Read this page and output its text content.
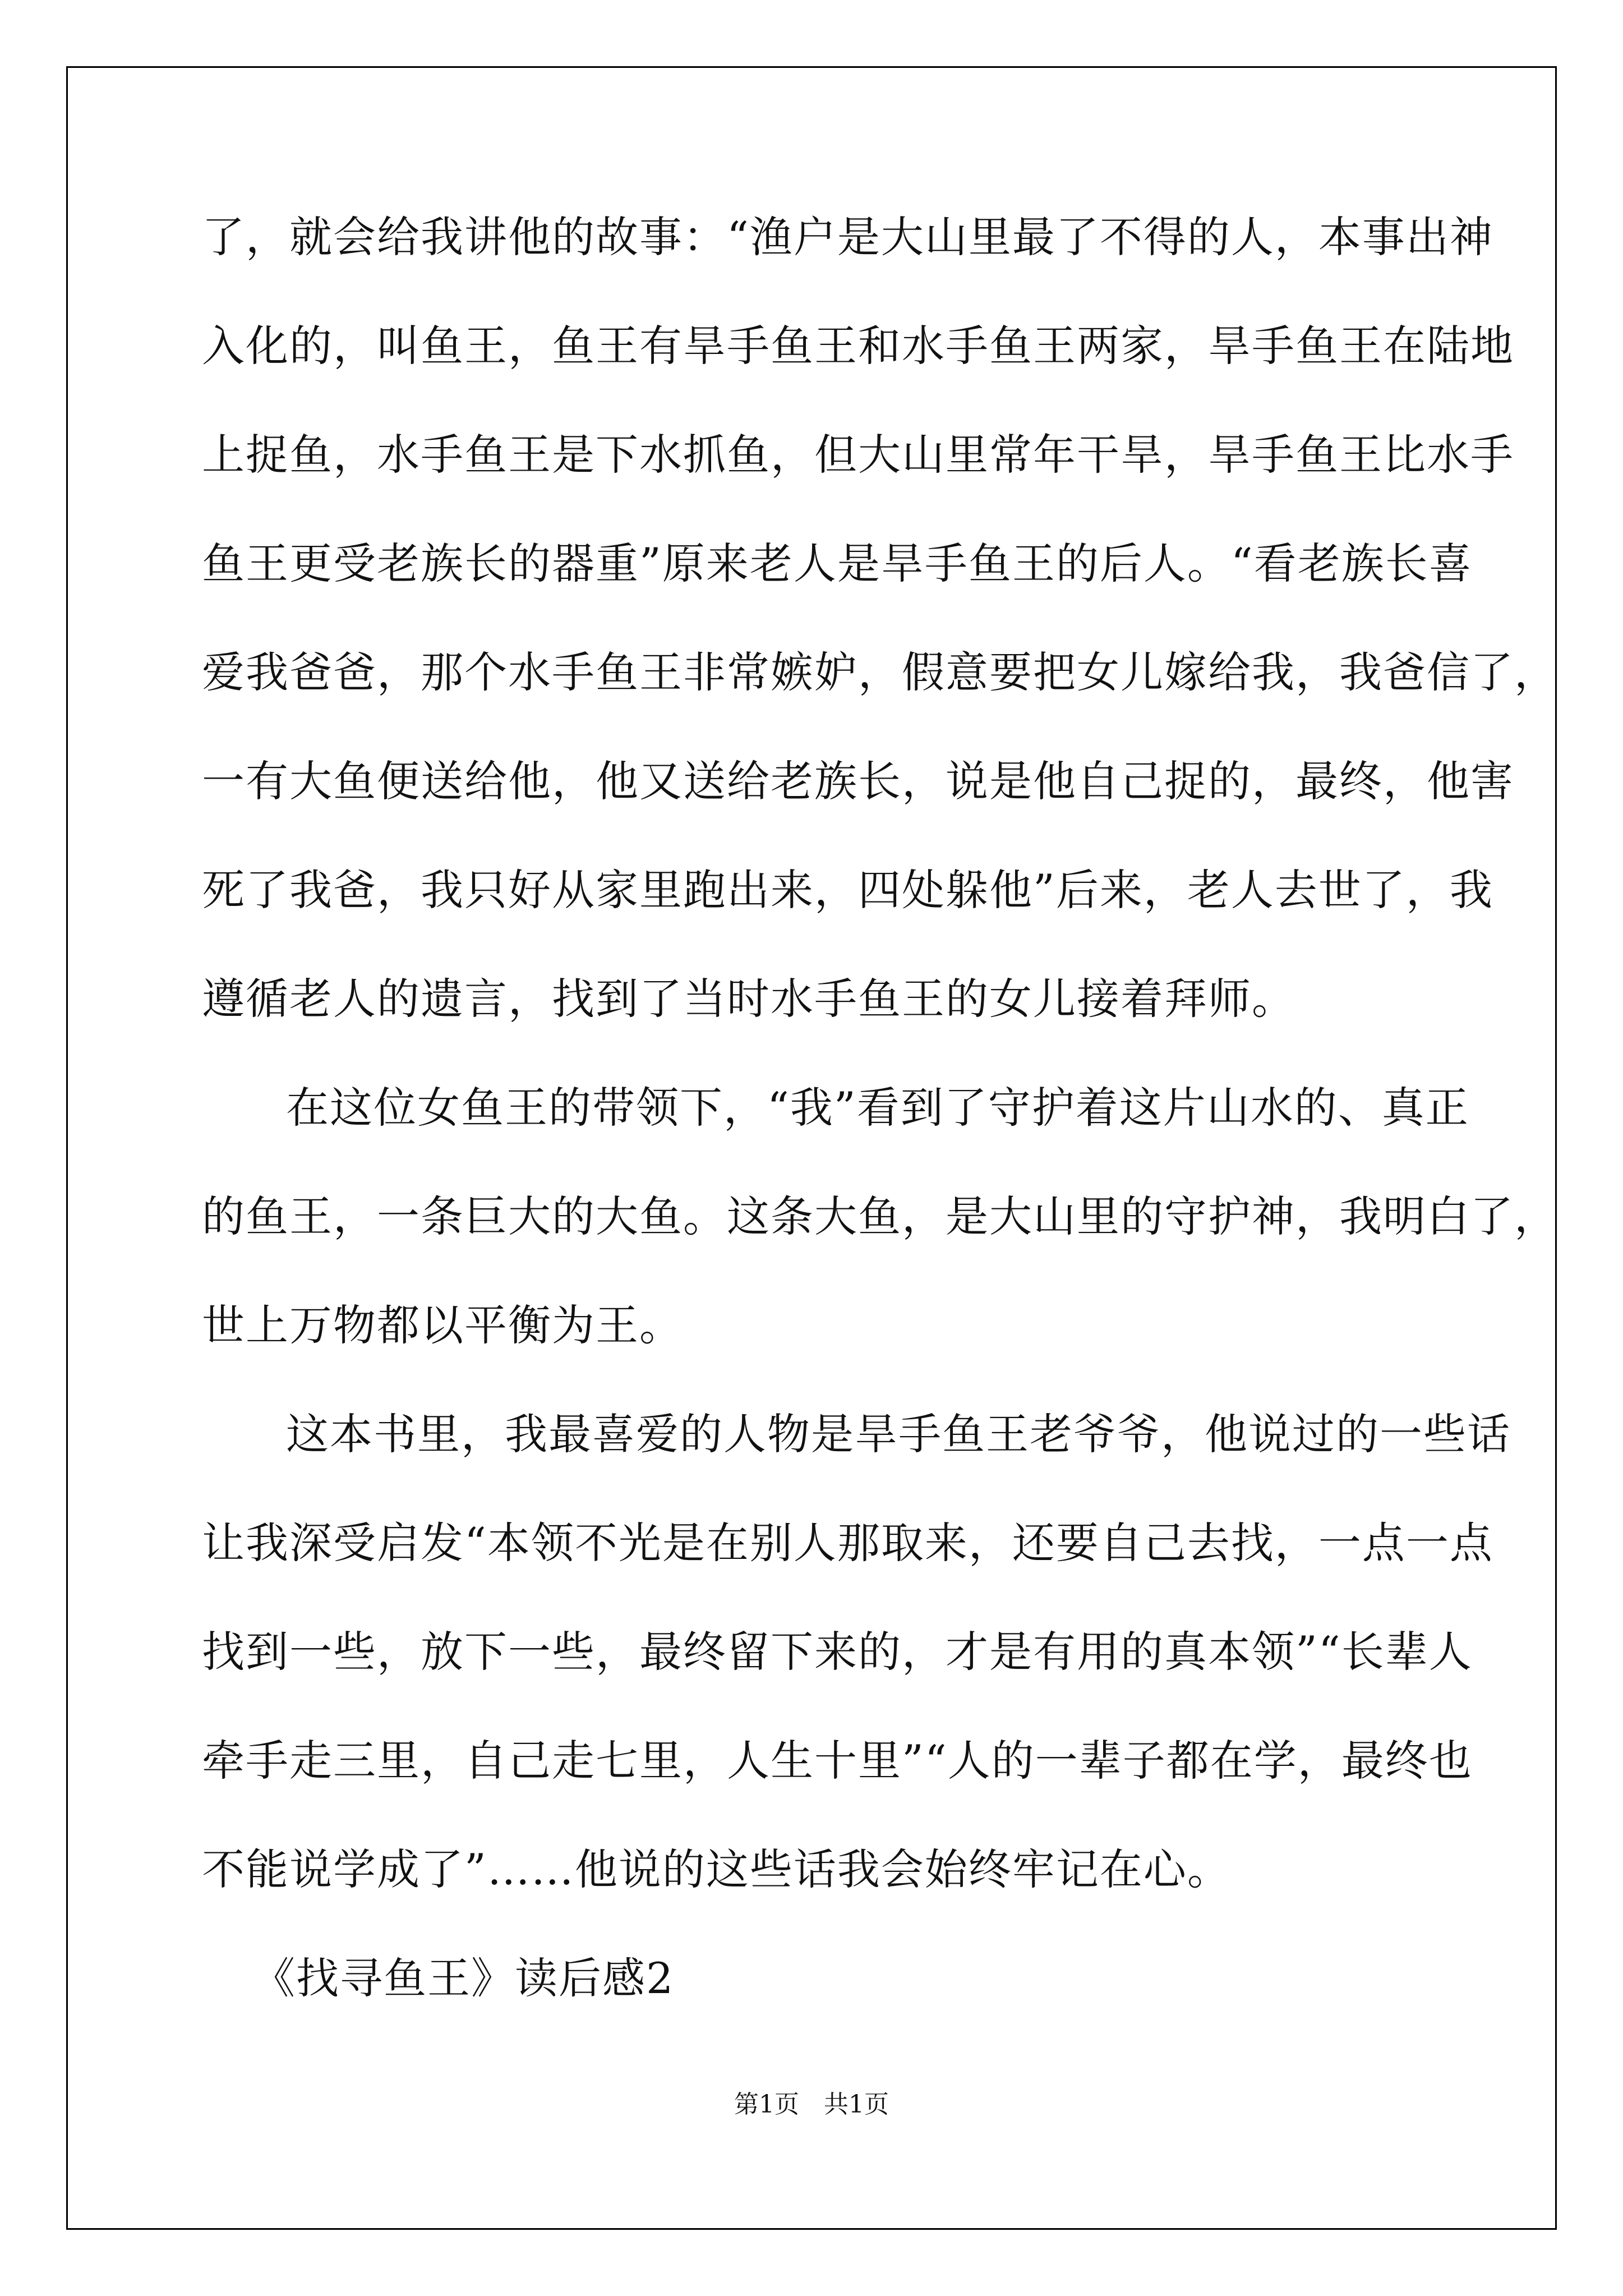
了，就会给我讲他的故事：“渔户是大山里最了不得的人，本事出神
入化的，叫鱼王，鱼王有旱手鱼王和水手鱼王两家，旱手鱼王在陆地
上捉鱼，水手鱼王是下水抓鱼，但大山里常年干旱，旱手鱼王比水手
鱼王更受老族长的器重”原来老人是旱手鱼王的后人。“看老族长喜
爱我爸爸，那个水手鱼王非常嫉妒，假意要把女儿嫁给我，我爸信了，
一有大鱼便送给他，他又送给老族长，说是他自己捉的，最终，他害
死了我爸，我只好从家里跑出来，四处躲他”后来，老人去世了，我
遵循老人的遗言，找到了当时水手鱼王的女儿接着拜师。
在这位女鱼王的带领下，“我”看到了守护着这片山水的、真正
的鱼王，一条巨大的大鱼。这条大鱼，是大山里的守护神，我明白了，
世上万物都以平衡为王。
这本书里，我最喜爱的人物是旱手鱼王老爷爷，他说过的一些话
让我深受启发“本领不光是在别人那取来，还要自己去找，一点一点
找到一些，放下一些，最终留下来的，才是有用的真本领”“长辈人
牵手走三里，自己走七里，人生十里”“人的一辈子都在学，最终也
不能说学成了”……他说的这些话我会始终牢记在心。
《找寻鱼王》读后感2
第1页　共1页
